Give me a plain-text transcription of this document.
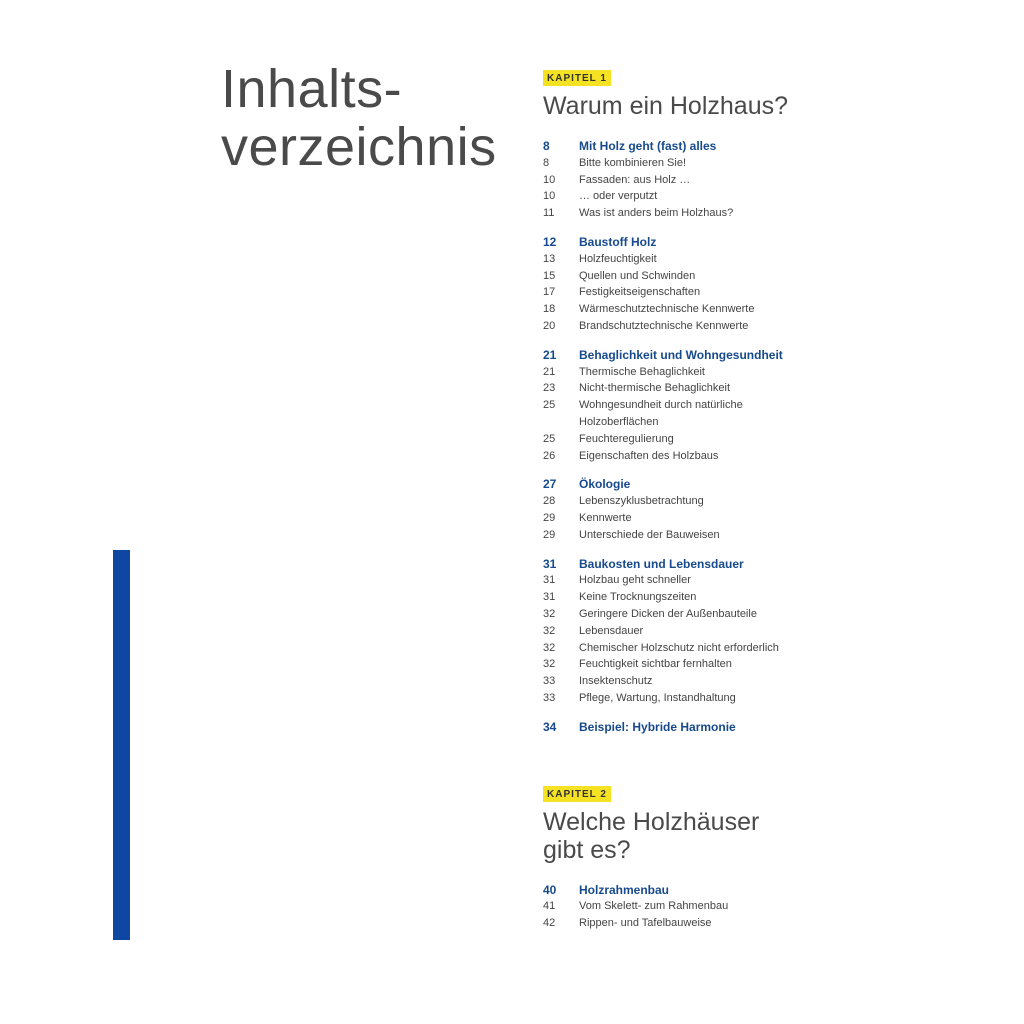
Inhalts-
verzeichnis
KAPITEL 1
Warum ein Holzhaus?
8	Mit Holz geht (fast) alles
8	Bitte kombinieren Sie!
10	Fassaden: aus Holz …
10	… oder verputzt
11	Was ist anders beim Holzhaus?
12	Baustoff Holz
13	Holzfeuchtigkeit
15	Quellen und Schwinden
17	Festigkeitseigenschaften
18	Wärmeschutztechnische Kennwerte
20	Brandschutztechnische Kennwerte
21	Behaglichkeit und Wohngesundheit
21	Thermische Behaglichkeit
23	Nicht-thermische Behaglichkeit
25	Wohngesundheit durch natürliche
Holzoberflächen
25	Feuchteregulierung
26	Eigenschaften des Holzbaus
27	Ökologie
28	Lebenszyklusbetrachtung
29	Kennwerte
29	Unterschiede der Bauweisen
31	Baukosten und Lebensdauer
31	Holzbau geht schneller
31	Keine Trocknungszeiten
32	Geringere Dicken der Außenbauteile
32	Lebensdauer
32	Chemischer Holzschutz nicht erforderlich
32	Feuchtigkeit sichtbar fernhalten
33	Insektenschutz
33	Pflege, Wartung, Instandhaltung
34	Beispiel: Hybride Harmonie
KAPITEL 2
Welche Holzhäuser
gibt es?
40	Holzrahmenbau
41	Vom Skelett- zum Rahmenbau
42	Rippen- und Tafelbauweise
